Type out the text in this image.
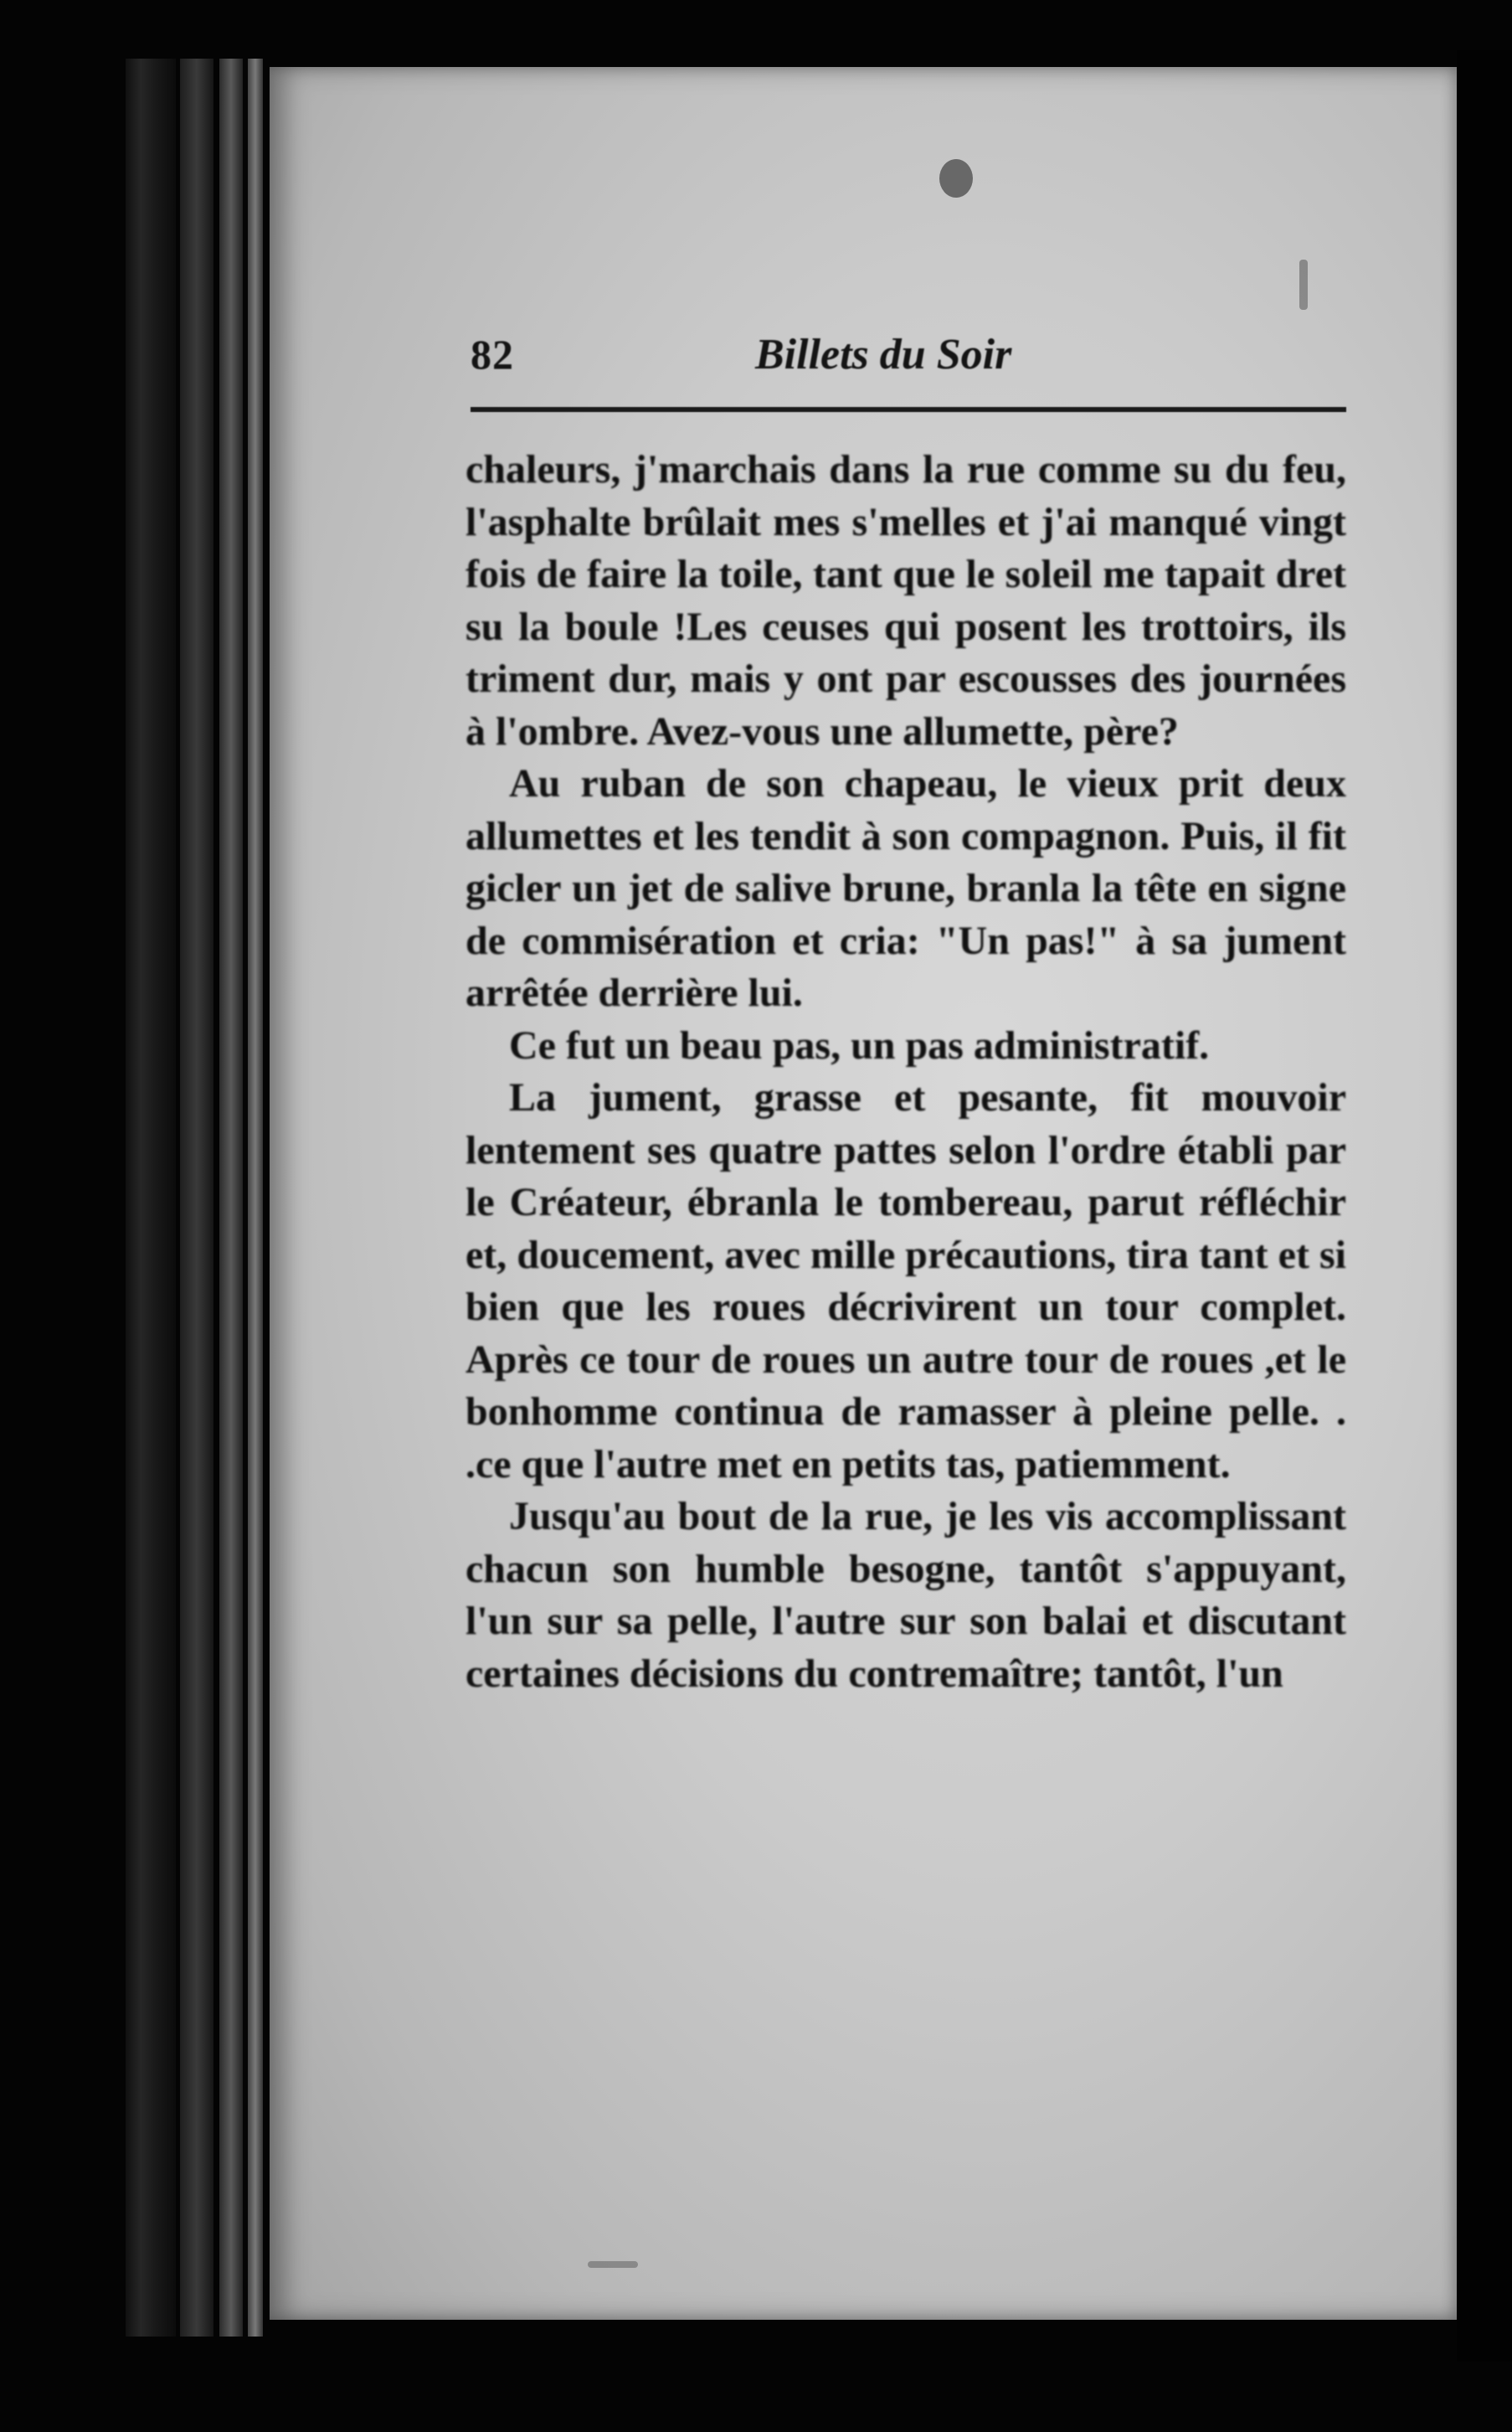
82	Billets du Soir

chaleurs, j'marchais dans la rue comme su du feu, l'asphalte brûlait mes s'melles et j'ai manqué vingt fois de faire la toile, tant que le soleil me tapait dret su la boule !Les ceuses qui posent les trottoirs, ils triment dur, mais y ont par escousses des journées à l'ombre. Avez-vous une allumette, père?

Au ruban de son chapeau, le vieux prit deux allumettes et les tendit à son compagnon. Puis, il fit gicler un jet de salive brune, branla la tête en signe de commisération et cria: "Un pas!" à sa jument arrêtée derrière lui.

Ce fut un beau pas, un pas administratif.

La jument, grasse et pesante, fit mouvoir lentement ses quatre pattes selon l'ordre établi par le Créateur, ébranla le tombereau, parut réfléchir et, doucement, avec mille précautions, tira tant et si bien que les roues décrivirent un tour complet. Après ce tour de roues un autre tour de roues ,et le bonhomme continua de ramasser à pleine pelle. . .ce que l'autre met en petits tas, patiemment.

Jusqu'au bout de la rue, je les vis accomplissant chacun son humble besogne, tantôt s'appuyant, l'un sur sa pelle, l'autre sur son balai et discutant certaines décisions du contremaître; tantôt, l'un
